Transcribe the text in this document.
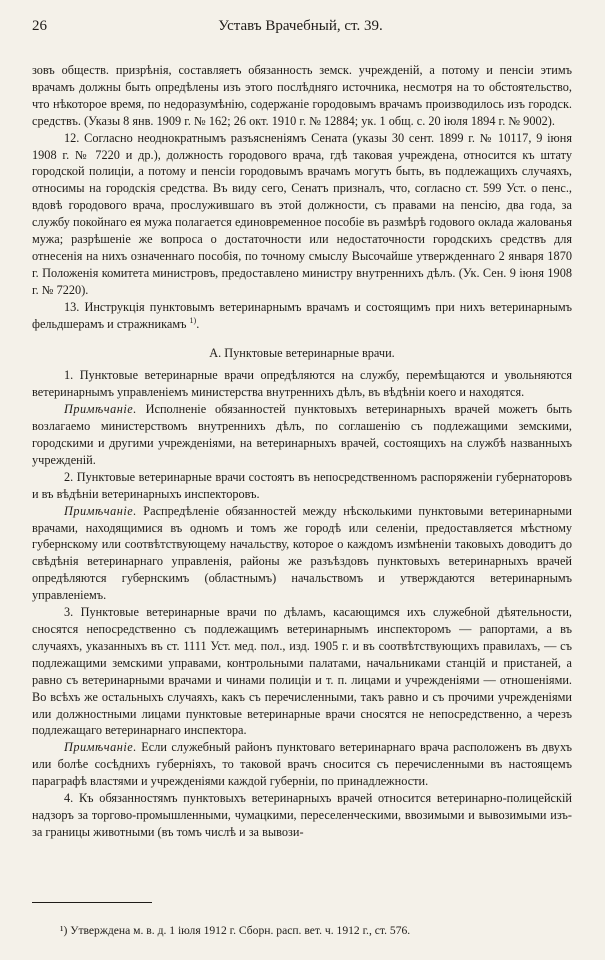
26	Уставъ Врачебный, ст. 39.

зовъ обществ. призрѣнія, составляетъ обязанность земск. учрежденій, а потому и пенсіи этимъ врачамъ должны быть опредѣлены изъ этого послѣдняго источника, несмотря на то обстоятельство, что нѣкоторое время, по недоразумѣнію, содержаніе городовымъ врачамъ производилось изъ городск. средствъ. (Указы 8 янв. 1909 г. № 162; 26 окт. 1910 г. № 12884; ук. 1 общ. с. 20 іюля 1894 г. № 9002).

12. Согласно неоднократнымъ разъясненіямъ Сената (указы 30 сент. 1899 г. № 10117, 9 іюня 1908 г. № 7220 и др.), должность городового врача, гдѣ таковая учреждена, относится къ штату городской полиціи, а потому и пенсіи городовымъ врачамъ могутъ быть, въ подлежащихъ случаяхъ, относимы на городскія средства. Въ виду сего, Сенатъ призналъ, что, согласно ст. 599 Уст. о пенс., вдовѣ городового врача, прослужившаго въ этой должности, съ правами на пенсію, два года, за службу покойнаго ея мужа полагается единовременное пособіе въ размѣрѣ годового оклада жалованья мужа; разрѣшеніе же вопроса о достаточности или недостаточности городскихъ средствъ для отнесенія на нихъ означеннаго пособія, по точному смыслу Высочайше утвержденнаго 2 января 1870 г. Положенія комитета министровъ, предоставлено министру внутреннихъ дѣлъ. (Ук. Сен. 9 іюня 1908 г. № 7220).

13. Инструкція пунктовымъ ветеринарнымъ врачамъ и состоящимъ при нихъ ветеринарнымъ фельдшерамъ и стражникамъ $^{1)}$.

А. Пунктовые ветеринарные врачи.

1. Пунктовые ветеринарные врачи опредѣляются на службу, перемѣщаются и увольняются ветеринарнымъ управленіемъ министерства внутреннихъ дѣлъ, въ вѣдѣніи коего и находятся.

Примѣчаніе. Исполненіе обязанностей пунктовыхъ ветеринарныхъ врачей можетъ быть возлагаемо министерствомъ внутреннихъ дѣлъ, по соглашенію съ подлежащими земскими, городскими и другими учрежденіями, на ветеринарныхъ врачей, состоящихъ на службѣ названныхъ учрежденій.

2. Пунктовые ветеринарные врачи состоятъ въ непосредственномъ распоряженіи губернаторовъ и въ вѣдѣніи ветеринарныхъ инспекторовъ.

Примѣчаніе. Распредѣленіе обязанностей между нѣсколькими пунктовыми ветеринарными врачами, находящимися въ одномъ и томъ же городѣ или селеніи, предоставляется мѣстному губернскому или соотвѣтствующему начальству, которое о каждомъ измѣненіи таковыхъ доводитъ до свѣдѣнія ветеринарнаго управленія, районы же разъѣздовъ пунктовыхъ ветеринарныхъ врачей опредѣляются губернскимъ (областнымъ) начальствомъ и утверждаются ветеринарнымъ управленіемъ.

3. Пунктовые ветеринарные врачи по дѣламъ, касающимся ихъ служебной дѣятельности, сносятся непосредственно съ подлежащимъ ветеринарнымъ инспекторомъ — рапортами, а въ случаяхъ, указанныхъ въ ст. 1111 Уст. мед. пол., изд. 1905 г. и въ соотвѣтствующихъ правилахъ, — съ подлежащими земскими управами, контрольными палатами, начальниками станцій и пристаней, а равно съ ветеринарными врачами и чинами полиціи и т. п. лицами и учрежденіями — отношеніями. Во всѣхъ же остальныхъ случаяхъ, какъ съ перечисленными, такъ равно и съ прочими учрежденіями или должностными лицами пунктовые ветеринарные врачи сносятся не непосредственно, а черезъ подлежащаго ветеринарнаго инспектора.

Примѣчаніе. Если служебный районъ пунктоваго ветеринарнаго врача расположенъ въ двухъ или болѣе сосѣднихъ губерніяхъ, то таковой врачъ сносится съ перечисленными въ настоящемъ параграфѣ властями и учрежденіями каждой губерніи, по принадлежности.

4. Къ обязанностямъ пунктовыхъ ветеринарныхъ врачей относится ветеринарно-полицейскій надзоръ за торгово-промышленными, чумацкими, переселенческими, ввозимыми и вывозимыми изъ-за границы животными (въ томъ числѣ и за вывози-

¹) Утверждена м. в. д. 1 іюля 1912 г. Сборн. расп. вет. ч. 1912 г., ст. 576.
